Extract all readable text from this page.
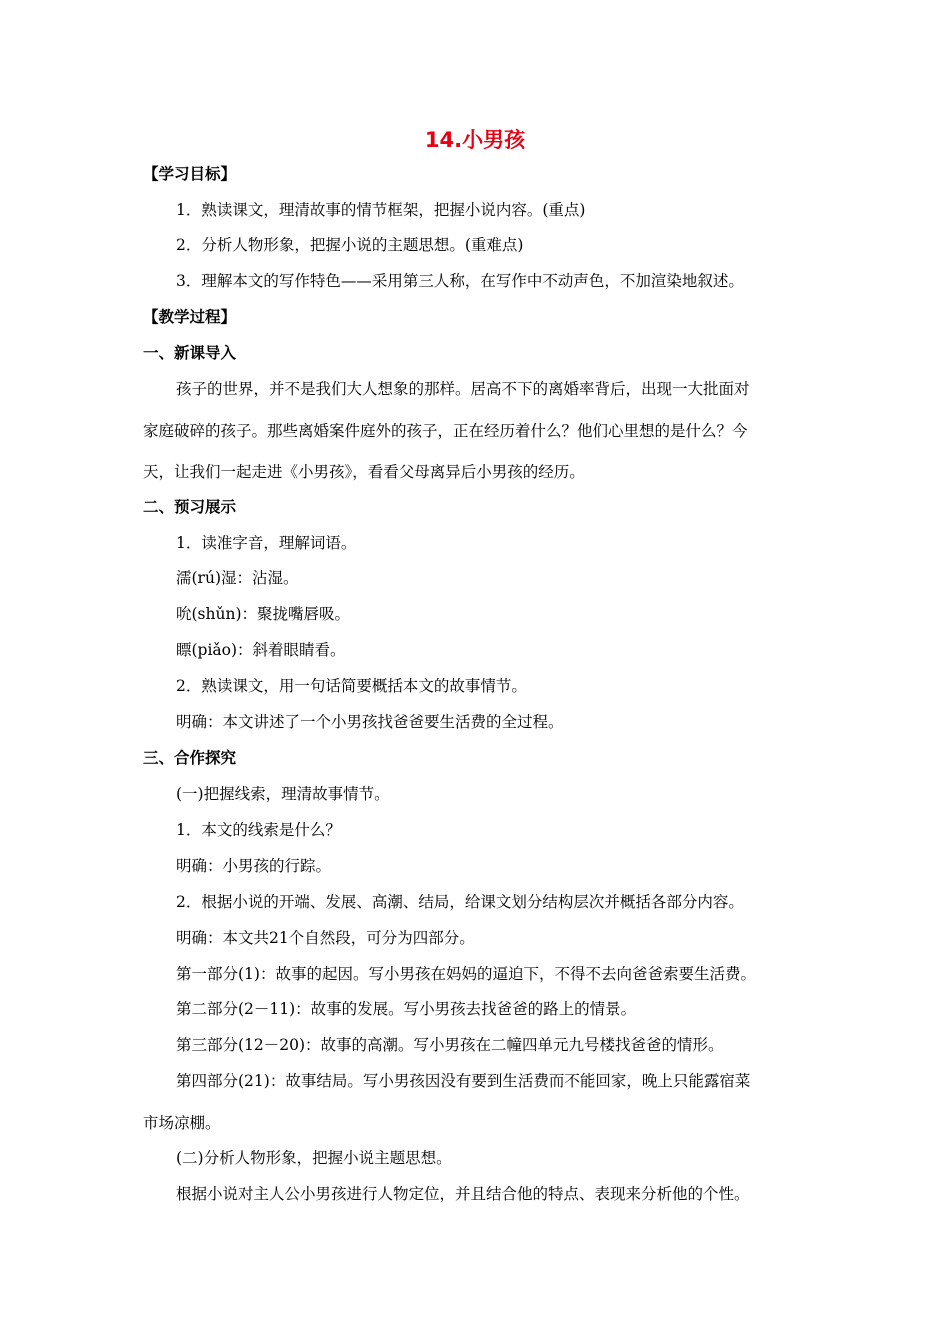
14.小男孩
【学习目标】
1．熟读课文，理清故事的情节框架，把握小说内容。(重点)
2．分析人物形象，把握小说的主题思想。(重难点)
3．理解本文的写作特色——采用第三人称，在写作中不动声色，不加渲染地叙述。
【教学过程】
一、新课导入
孩子的世界，并不是我们大人想象的那样。居高不下的离婚率背后，出现一大批面对
家庭破碎的孩子。那些离婚案件庭外的孩子，正在经历着什么？他们心里想的是什么？今
天，让我们一起走进《小男孩》，看看父母离异后小男孩的经历。
二、预习展示
1．读准字音，理解词语。
濡(rú)湿：沾湿。
吮(shǔn)：聚拢嘴唇吸。
瞟(piǎo)：斜着眼睛看。
2．熟读课文，用一句话简要概括本文的故事情节。
明确：本文讲述了一个小男孩找爸爸要生活费的全过程。
三、合作探究
(一)把握线索，理清故事情节。
1．本文的线索是什么？
明确：小男孩的行踪。
2．根据小说的开端、发展、高潮、结局，给课文划分结构层次并概括各部分内容。
明确：本文共21个自然段，可分为四部分。
第一部分(1)：故事的起因。写小男孩在妈妈的逼迫下，不得不去向爸爸索要生活费。
第二部分(2－11)：故事的发展。写小男孩去找爸爸的路上的情景。
第三部分(12－20)：故事的高潮。写小男孩在二幢四单元九号楼找爸爸的情形。
第四部分(21)：故事结局。写小男孩因没有要到生活费而不能回家，晚上只能露宿菜
市场凉棚。
(二)分析人物形象，把握小说主题思想。
根据小说对主人公小男孩进行人物定位，并且结合他的特点、表现来分析他的个性。
